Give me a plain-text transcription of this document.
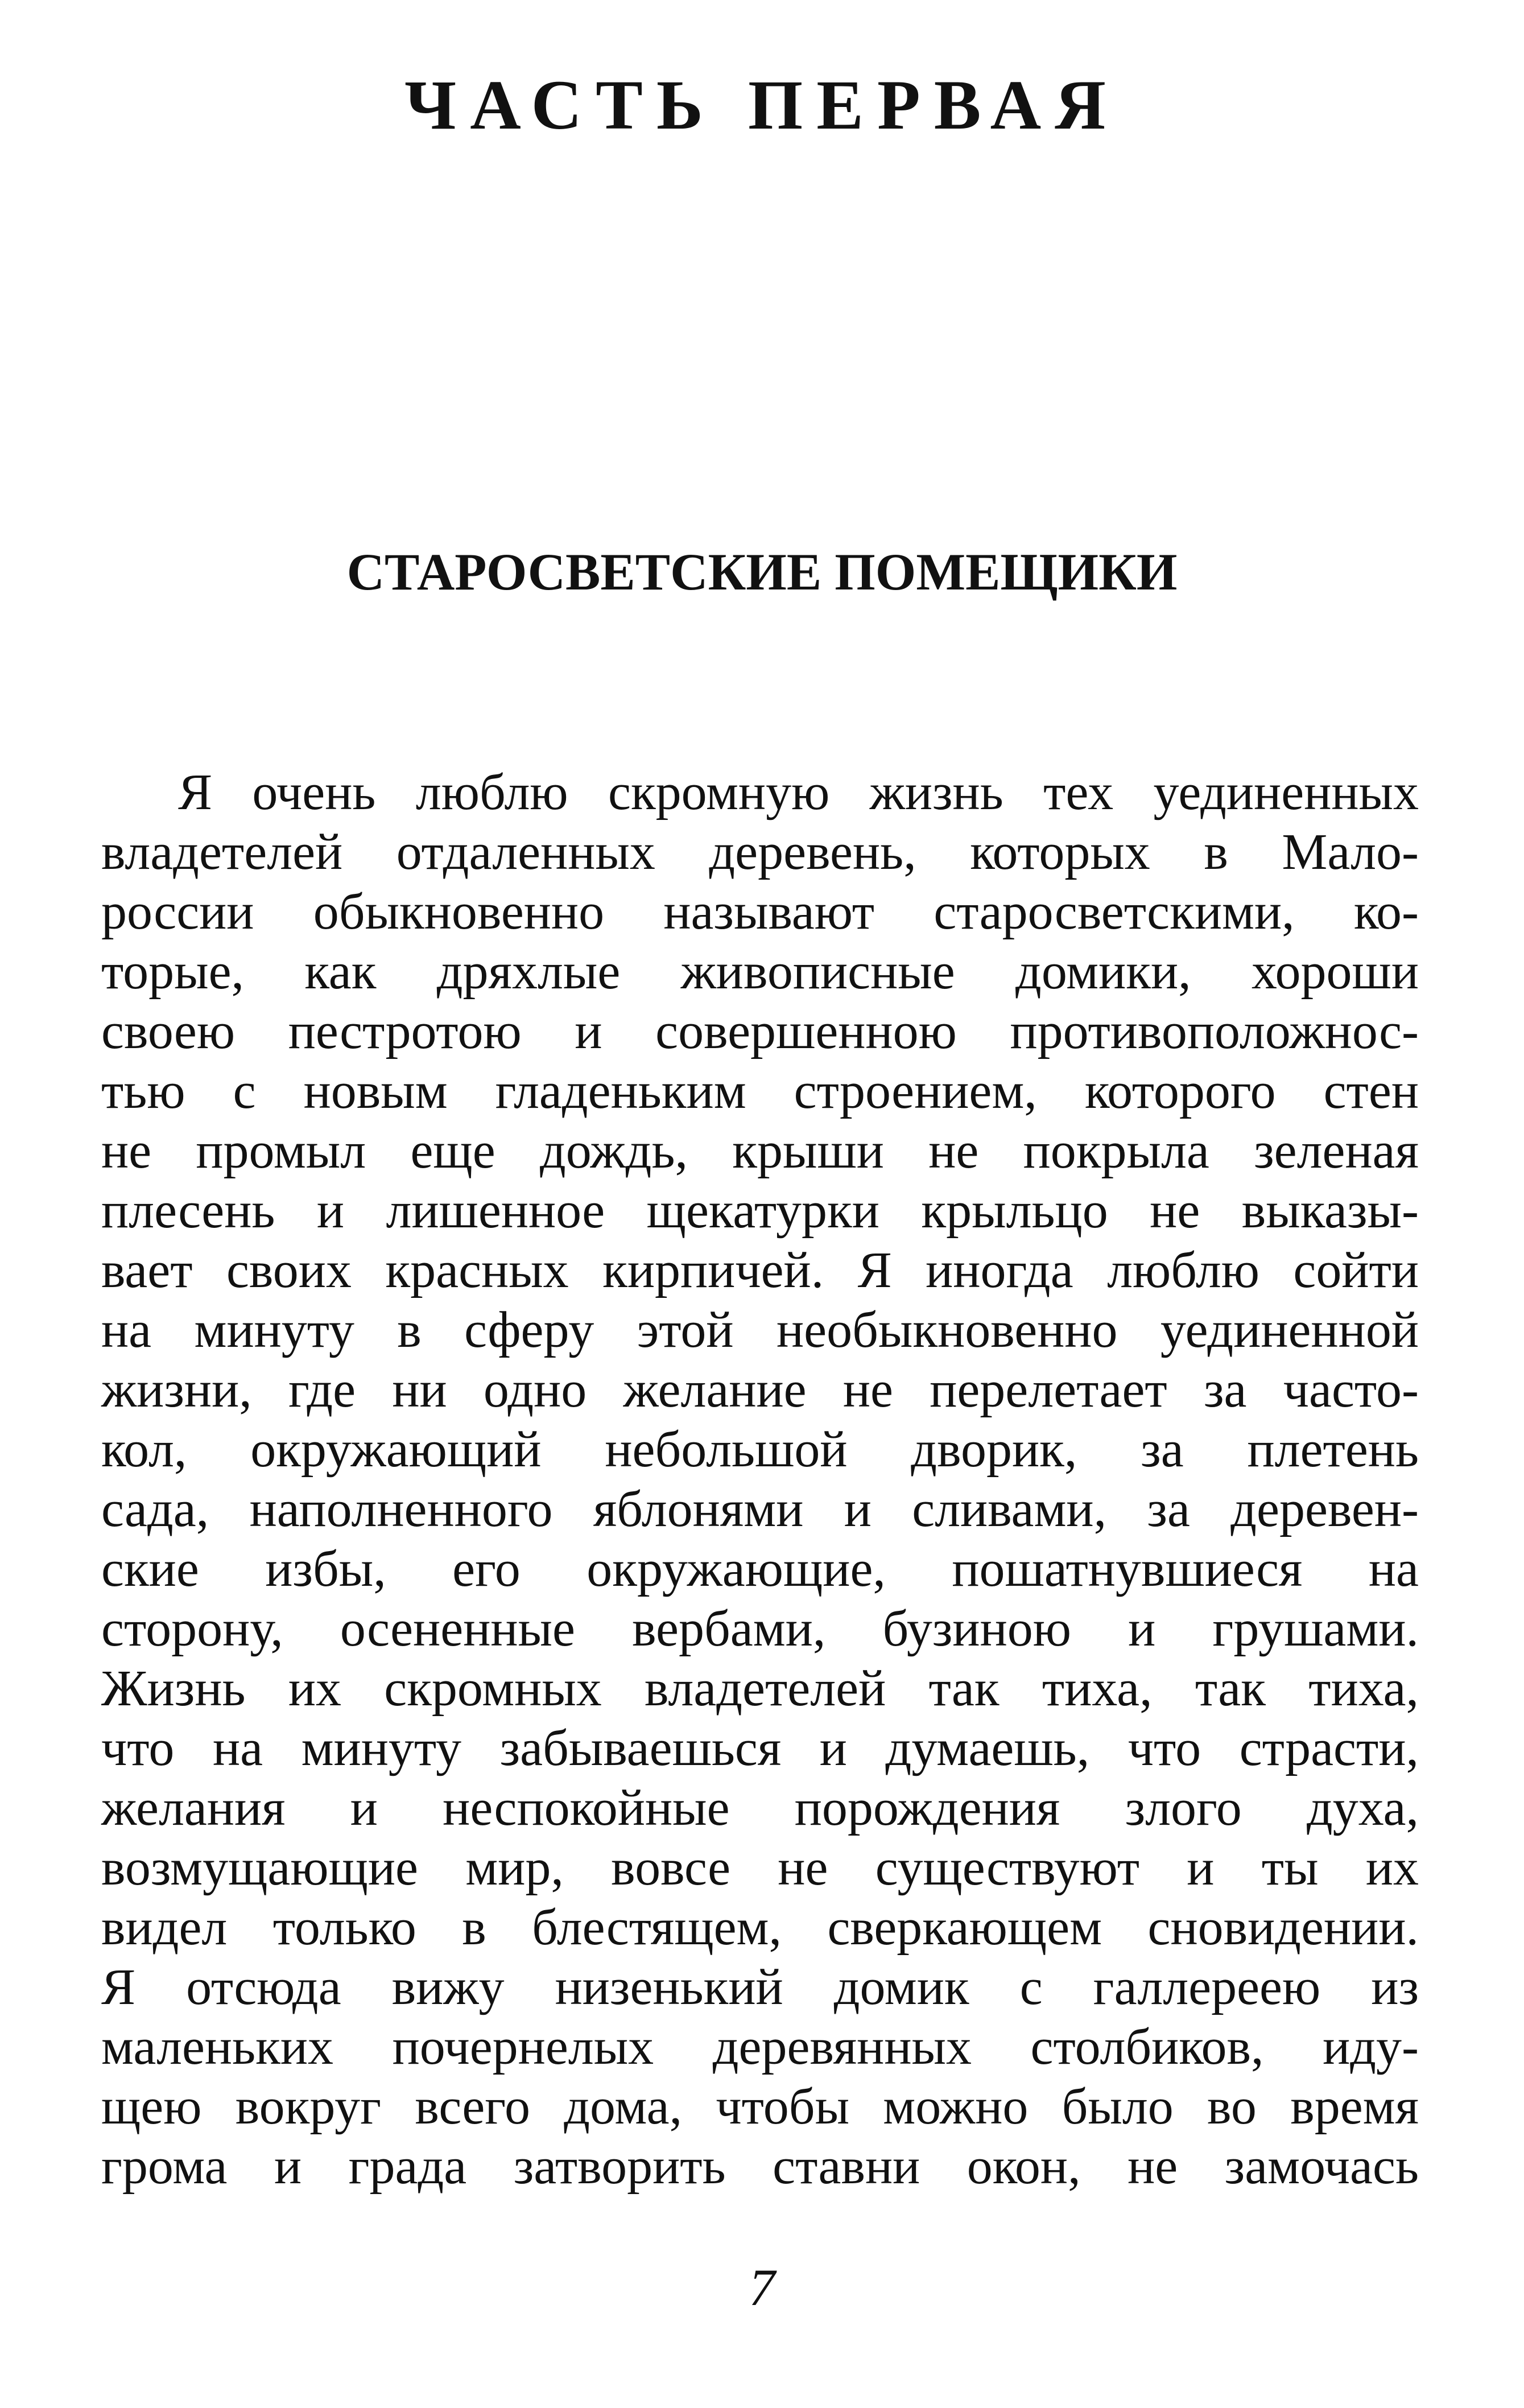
ЧАСТЬ ПЕРВАЯ
СТАРОСВЕТСКИЕ ПОМЕЩИКИ
Я очень люблю скромную жизнь тех уединенных
владетелей отдаленных деревень, которых в Мало-
россии обыкновенно называют старосветскими, ко-
торые, как дряхлые живописные домики, хороши
своею пестротою и совершенною противоположнос-
тью с новым гладеньким строением, которого стен
не промыл еще дождь, крыши не покрыла зеленая
плесень и лишенное щекатурки крыльцо не выказы-
вает своих красных кирпичей. Я иногда люблю сойти
на минуту в сферу этой необыкновенно уединенной
жизни, где ни одно желание не перелетает за часто-
кол, окружающий небольшой дворик, за плетень
сада, наполненного яблонями и сливами, за деревен-
ские избы, его окружающие, пошатнувшиеся на
сторону, осененные вербами, бузиною и грушами.
Жизнь их скромных владетелей так тиха, так тиха,
что на минуту забываешься и думаешь, что страсти,
желания и неспокойные порождения злого духа,
возмущающие мир, вовсе не существуют и ты их
видел только в блестящем, сверкающем сновидении.
Я отсюда вижу низенький домик с галлереею из
маленьких почернелых деревянных столбиков, иду-
щею вокруг всего дома, чтобы можно было во время
грома и града затворить ставни окон, не замочась
7
